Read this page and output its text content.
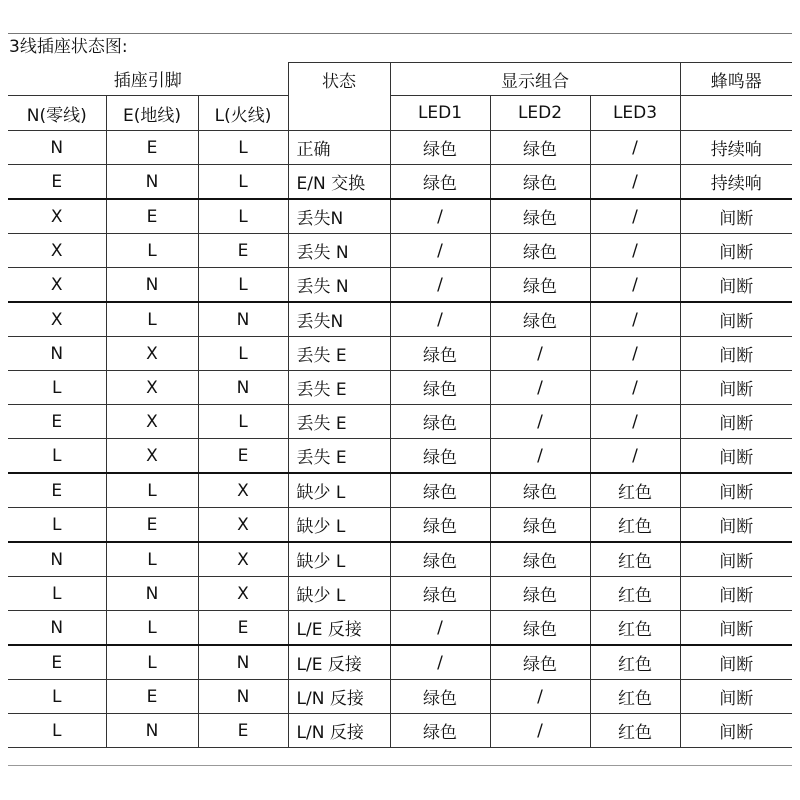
3线插座状态图:
插座引脚			状态	显示组合			蜂鸣器
N(零线)	E(地线)	L(火线)		LED1	LED2	LED3	
N	E	L	正确	绿色	绿色	/	持续响
E	N	L	E/N 交换	绿色	绿色	/	持续响
X	E	L	丢失N	/	绿色	/	间断
X	L	E	丢失 N	/	绿色	/	间断
X	N	L	丢失 N	/	绿色	/	间断
X	L	N	丢失N	/	绿色	/	间断
N	X	L	丢失 E	绿色	/	/	间断
L	X	N	丢失 E	绿色	/	/	间断
E	X	L	丢失 E	绿色	/	/	间断
L	X	E	丢失 E	绿色	/	/	间断
E	L	X	缺少 L	绿色	绿色	红色	间断
L	E	X	缺少 L	绿色	绿色	红色	间断
N	L	X	缺少 L	绿色	绿色	红色	间断
L	N	X	缺少 L	绿色	绿色	红色	间断
N	L	E	L/E 反接	/	绿色	红色	间断
E	L	N	L/E 反接	/	绿色	红色	间断
L	E	N	L/N 反接	绿色	/	红色	间断
L	N	E	L/N 反接	绿色	/	红色	间断
